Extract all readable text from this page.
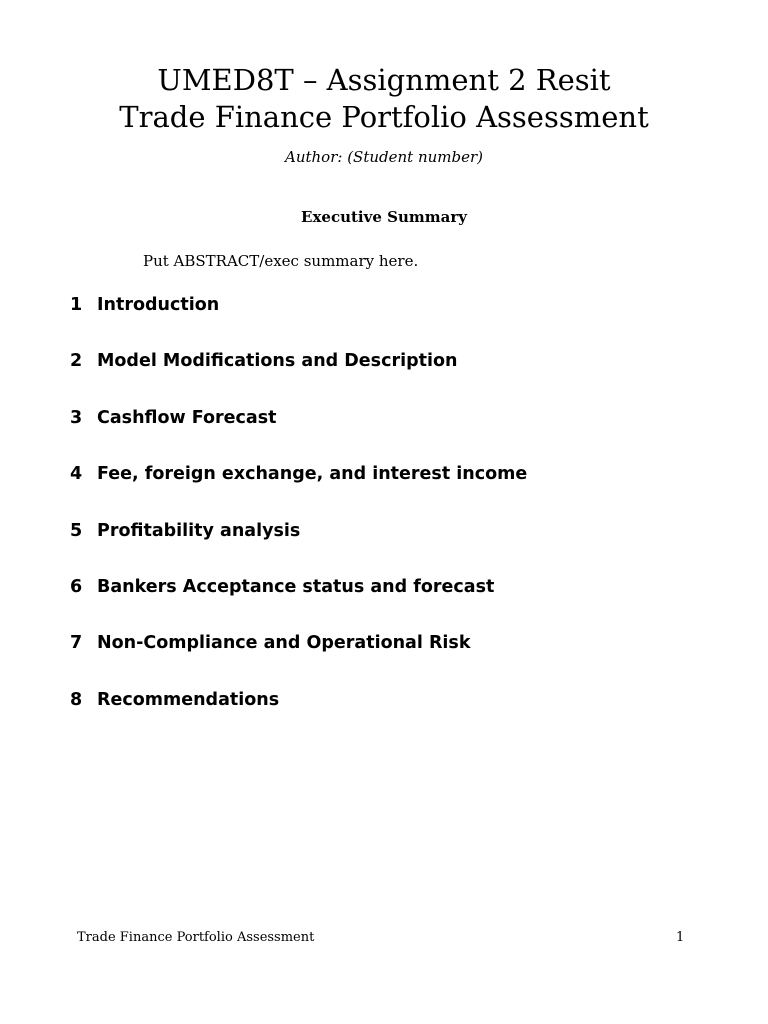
UMED8T – Assignment 2 Resit
Trade Finance Portfolio Assessment
Author: (Student number)
Executive Summary
Put ABSTRACT/exec summary here.
1 Introduction
2 Model Modifications and Description
3 Cashflow Forecast
4 Fee, foreign exchange, and interest income
5 Profitability analysis
6 Bankers Acceptance status and forecast
7 Non-Compliance and Operational Risk
8 Recommendations
Trade Finance Portfolio Assessment	1
